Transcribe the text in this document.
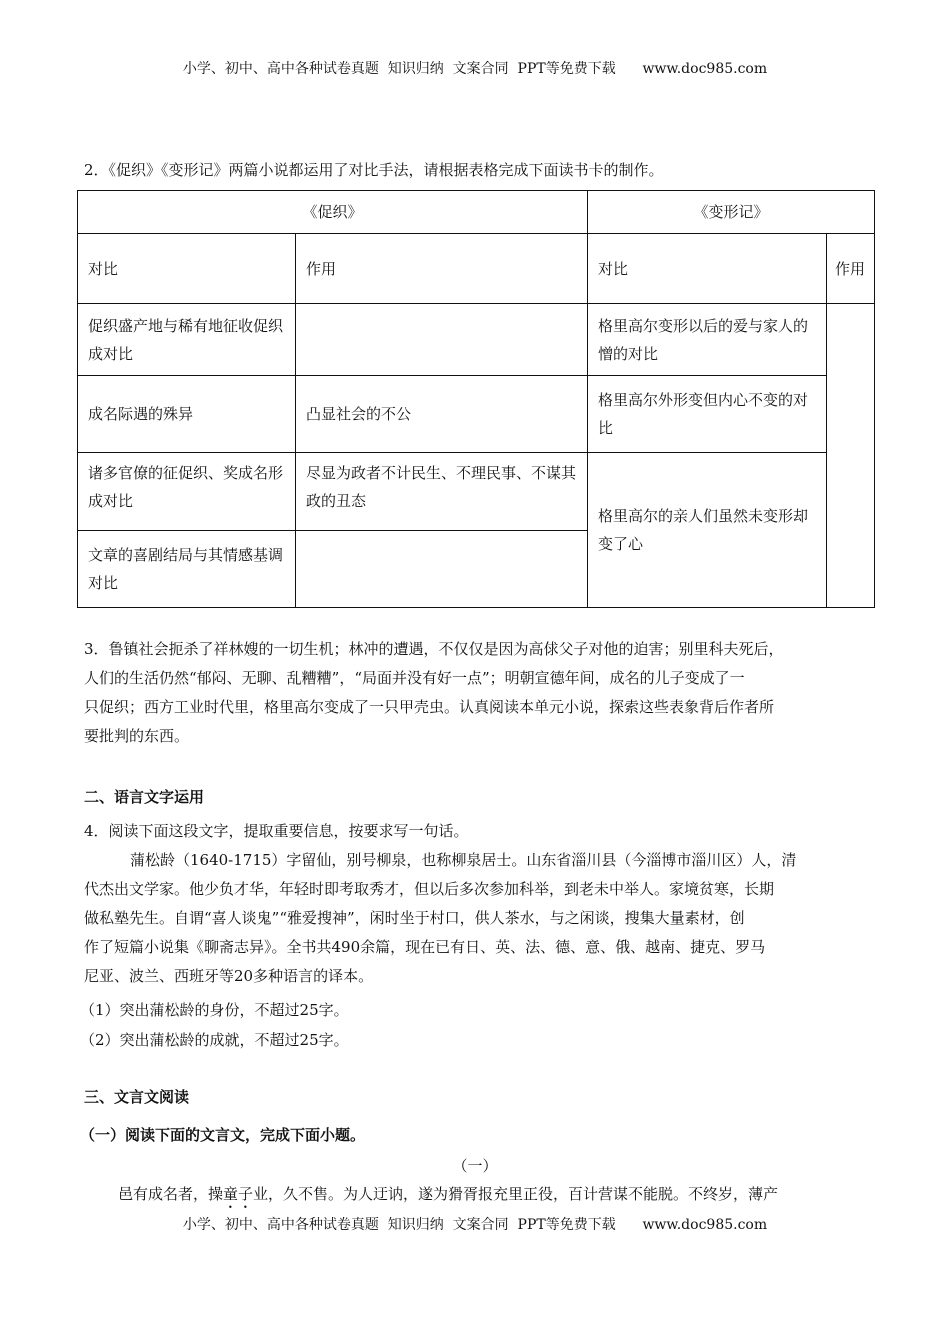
小学、初中、高中各种试卷真题  知识归纳  文案合同  PPT等免费下载      www.doc985.com
2．《促织》《变形记》两篇小说都运用了对比手法，请根据表格完成下面读书卡的制作。
《促织》		《变形记》	
对比	作用	对比	作用
促织盛产地与稀有地征收促织成对比		格里高尔变形以后的爱与家人的憎的对比	
成名际遇的殊异	凸显社会的不公	格里高尔外形变但内心不变的对比	
诸多官僚的征促织、奖成名形成对比	尽显为政者不计民生、不理民事、不谋其政的丑态	格里高尔的亲人们虽然未变形却变了心	
文章的喜剧结局与其情感基调对比			
3．鲁镇社会扼杀了祥林嫂的一切生机；林冲的遭遇，不仅仅是因为高俅父子对他的迫害；别里科夫死后，
人们的生活仍然“郁闷、无聊、乱糟糟”，“局面并没有好一点”；明朝宣德年间，成名的儿子变成了一
只促织；西方工业时代里，格里高尔变成了一只甲壳虫。认真阅读本单元小说，探索这些表象背后作者所
要批判的东西。
二、语言文字运用
4．阅读下面这段文字，提取重要信息，按要求写一句话。
蒲松龄（1640-1715）字留仙，别号柳泉，也称柳泉居士。山东省淄川县（今淄博市淄川区）人，清
代杰出文学家。他少负才华，年轻时即考取秀才，但以后多次参加科举，到老未中举人。家境贫寒，长期
做私塾先生。自谓“喜人谈鬼”“雅爱搜神”，闲时坐于村口，供人茶水，与之闲谈，搜集大量素材，创
作了短篇小说集《聊斋志异》。全书共490余篇，现在已有日、英、法、德、意、俄、越南、捷克、罗马
尼亚、波兰、西班牙等20多种语言的译本。
（1）突出蒲松龄的身份，不超过25字。
（2）突出蒲松龄的成就，不超过25字。
三、文言文阅读
（一）阅读下面的文言文，完成下面小题。
（一）
邑有成名者，操童子业，久不售。为人迂讷，遂为猾胥报充里正役，百计营谋不能脱。不终岁，薄产
小学、初中、高中各种试卷真题  知识归纳  文案合同  PPT等免费下载      www.doc985.com
